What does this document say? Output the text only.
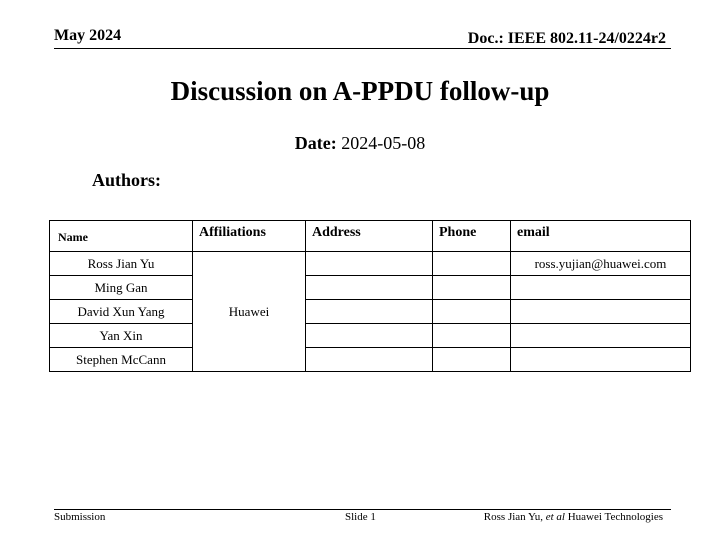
May 2024	Doc.: IEEE 802.11-24/0224r2
Discussion on A-PPDU follow-up
Date: 2024-05-08
Authors:
Name	Affiliations	Address	Phone	email

Ross Jian Yu	Huawei			ross.yujian@huawei.com
Ming Gan				
David Xun Yang				
Yan Xin				
Stephen McCann				
Submission	Slide 1	Ross Jian Yu, et al Huawei Technologies
